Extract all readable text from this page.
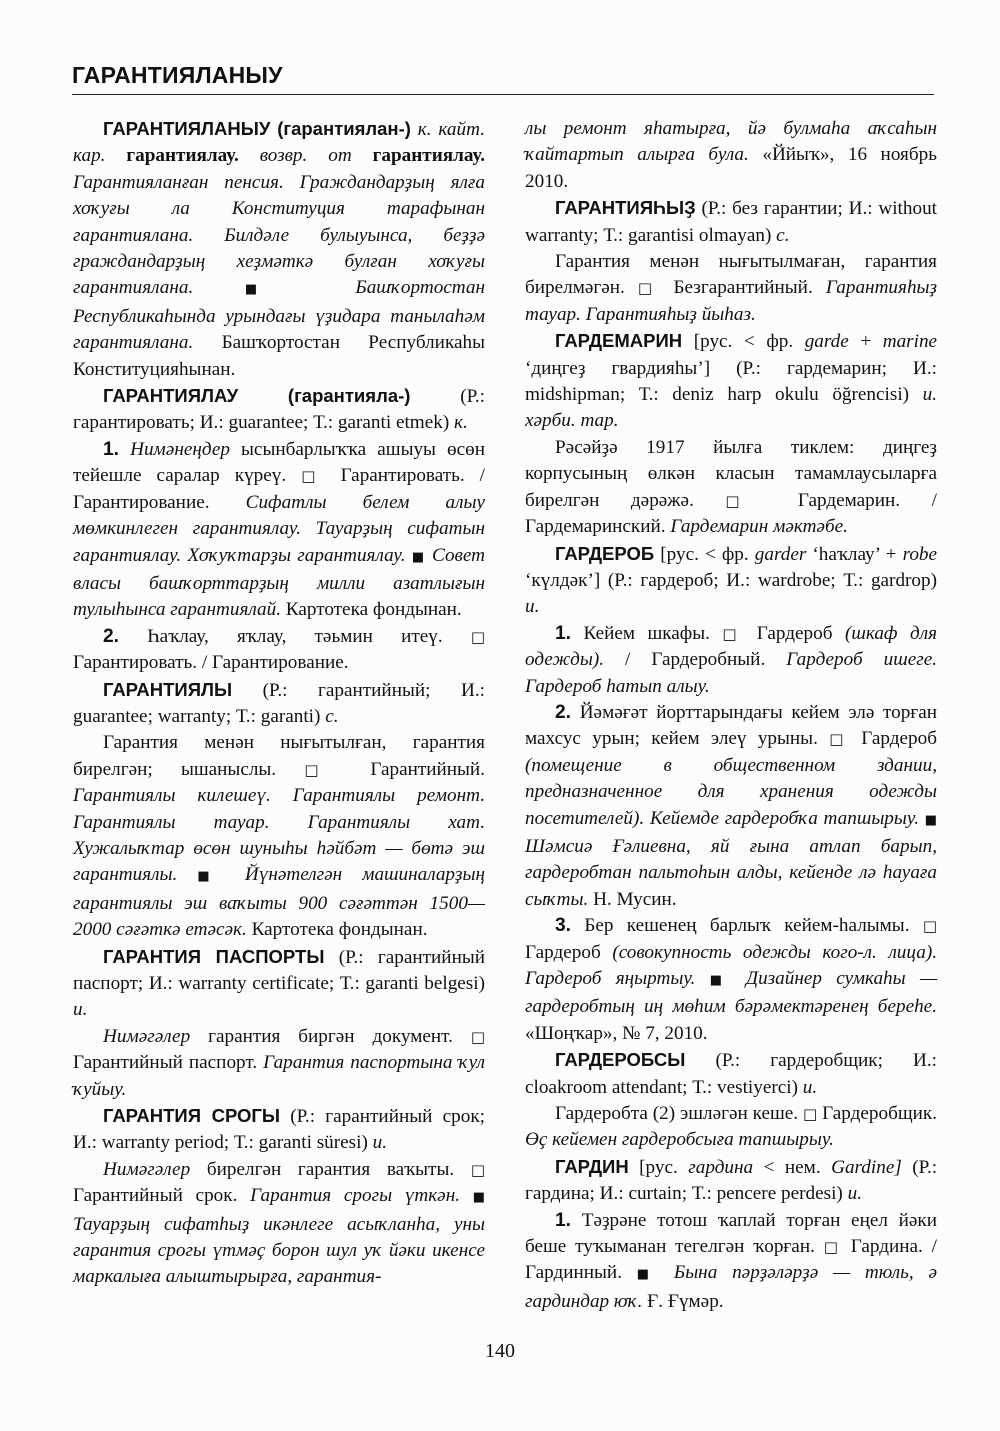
ГАРАНТИЯЛАНЫУ

ГАРАНТИЯЛАНЫУ (гарантиялан-) к. кайт. кар. гарантиялау. возвр. от гарантиялау. Гарантияланған пенсия. Граждандарҙың ялға хоҡуғы ла Конституция тарафынан гарантиялана. Билдәле булыуынса, беҙҙә граждандарҙың хеҙмәткә булған хоҡуғы гарантиялана.	■	Башҡортостан Республикаһында урындағы үҙидара танылаһәм гарантиялана. Башҡортостан Республикаһы Конституцияһынан.

ГАРАНТИЯЛАУ	(гарантияла-)	(Р.: гарантировать; И.: guarantee; Т.: garanti etmek) к.

1. Нимәнеңдер ысынбарлыҡҡа ашыуы өсөн тейешле саралар күреү. □ Гарантировать. / Гарантирование. Сифатлы белем алыу мөмкинлеген гарантиялау. Тауарҙың сифатын гарантиялау. Хоҡуҡтарҙы гарантиялау. ■ Совет власы башҡорттарҙың милли азатлығын тулыһынса гарантиялай. Картотека фондынан.

2. Һаҡлау, яҡлау, тәьмин итеү. □ Гарантировать. / Гарантирование.

ГАРАНТИЯЛЫ (Р.: гарантийный; И.: guarantee; warranty; Т.: garanti) с.

Гарантия менән нығытылған, гарантия бирелгән; ышаныслы. □ Гарантийный. Гарантиялы килешеү. Гарантиялы ремонт. Гарантиялы тауар. Гарантиялы хат. Хужалыҡтар өсөн шуныһы һәйбәт — бөтә эш гарантиялы. ■ Йүнәтелгән машиналарҙың гарантиялы эш ваҡыты 900 сәғәттән 1500—2000 сәғәткә етәсәк. Картотека фондынан.

ГАРАНТИЯ ПАСПОРТЫ (Р.: гарантийный паспорт; И.: warranty certificate; Т.: garanti belgesi) и.

Нимәгәлер гарантия биргән документ. □ Гарантийный паспорт. Гарантия паспортына ҡул ҡуйыу.

ГАРАНТИЯ СРОГЫ (Р.: гарантийный срок; И.: warranty period; Т.: garanti süresi) и.

Нимәгәлер бирелгән гарантия ваҡыты. □ Гарантийный срок. Гарантия срогы үткән. ■ Тауарҙың сифатһыҙ икәнлеге асыҡланһа, уны гарантия срогы үтмәҫ борон шул уҡ йәки икенсе маркалыға алыштырырға, гарантия-

лы ремонт яһатырға, йә булмаһа аҡсаһын ҡайтартып алырға була. «Ййыҡ», 16 ноябрь 2010.

ГАРАНТИЯҺЫҘ (Р.: без гарантии; И.: without warranty; Т.: garantisi olmayan) с.

Гарантия менән нығытылмаған, гарантия бирелмәгән. □ Безгарантийный. Гарантияһыҙ тауар. Гарантияһыҙ йыһаз.

ГАРДЕМАРИН [рус. < фр. garde + marine ‘диңгеҙ гвардияһы’] (Р.: гардемарин; И.: midshipman; Т.: deniz harp okulu öğrencisi) и. хәрби. тар.

Рәсәйҙә 1917 йылға тиклем: диңгеҙ корпусының өлкән класын тамамлаусыларға бирелгән дәрәжә. □ Гардемарин. / Гардемаринский. Гардемарин мәктәбе.

ГАРДЕРОБ [рус. < фр. garder ‘һаҡлау’ + robe ‘күлдәк’] (Р.: гардероб; И.: wardrobe; Т.: gardrop) и.

1. Кейем шкафы. □ Гардероб (шкаф для одежды). / Гардеробный. Гардероб ишеге. Гардероб һатып алыу.

2. Йәмәғәт йорттарындағы кейем элә торған махсус урын; кейем элеү урыны. □ Гардероб (помещение в общественном здании, предназначенное для хранения одежды посетителей). Кейемде гардеробҡа тапшырыу. ■ Шәмсиә Ғәлиевна, яй ғына атлап барып, гардеробтан пальтоһын алды, кейенде лә һауаға сыҡты. Н. Мусин.

3. Бер кешенең барлыҡ кейем-һалымы. □ Гардероб (совокупность одежды кого-л. лица). Гардероб яңыртыу. ■ Дизайнер сумкаһы — гардеробтың иң мөһим бәрәмектәренең береһе. «Шоңҡар», № 7, 2010.

ГАРДЕРОБСЫ (Р.: гардеробщик; И.: cloakroom attendant; Т.: vestiyerci) и.

Гардеробта (2) эшләгән кеше. □ Гардеробщик. Өҫ кейемен гардеробсыға тапшырыу.

ГАРДИН [рус. гардина < нем. Gardine] (Р.: гардина; И.: curtain; Т.: pencere perdesi) и.

1. Тәҙрәне тотош ҡаплай торған еңел йәки беше туҡыманан тегелгән ҡорған. □ Гардина. / Гардинный. ■ Бына пәрҙәләрҙә — тюль, ә гардиндар юҡ. Ғ. Ғүмәр.

140
